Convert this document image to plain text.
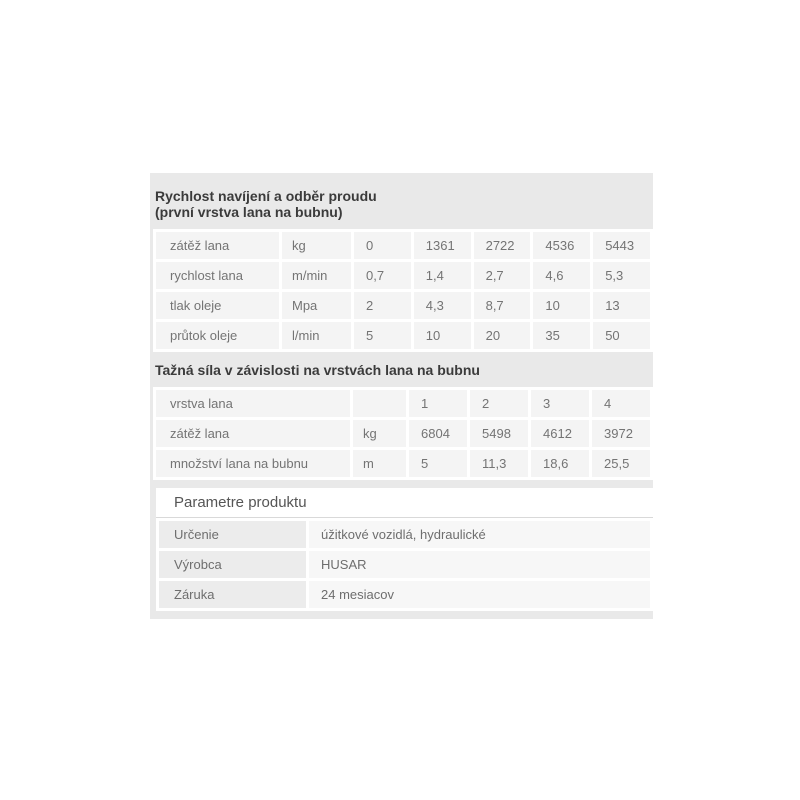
Rychlost navíjení a odběr proudu
(první vrstva lana na bubnu)
zátěž lana	kg	0	1361	2722	4536	5443
rychlost lana	m/min	0,7	1,4	2,7	4,6	5,3
tlak oleje	Mpa	2	4,3	8,7	10	13
průtok oleje	l/min	5	10	20	35	50
Tažná síla v závislosti na vrstvách lana na bubnu
vrstva lana		1	2	3	4
zátěž lana	kg	6804	5498	4612	3972
množství lana na bubnu	m	5	11,3	18,6	25,5
Parametre produktu
Určenie	úžitkové vozidlá, hydraulické
Výrobca	HUSAR
Záruka	24 mesiacov
